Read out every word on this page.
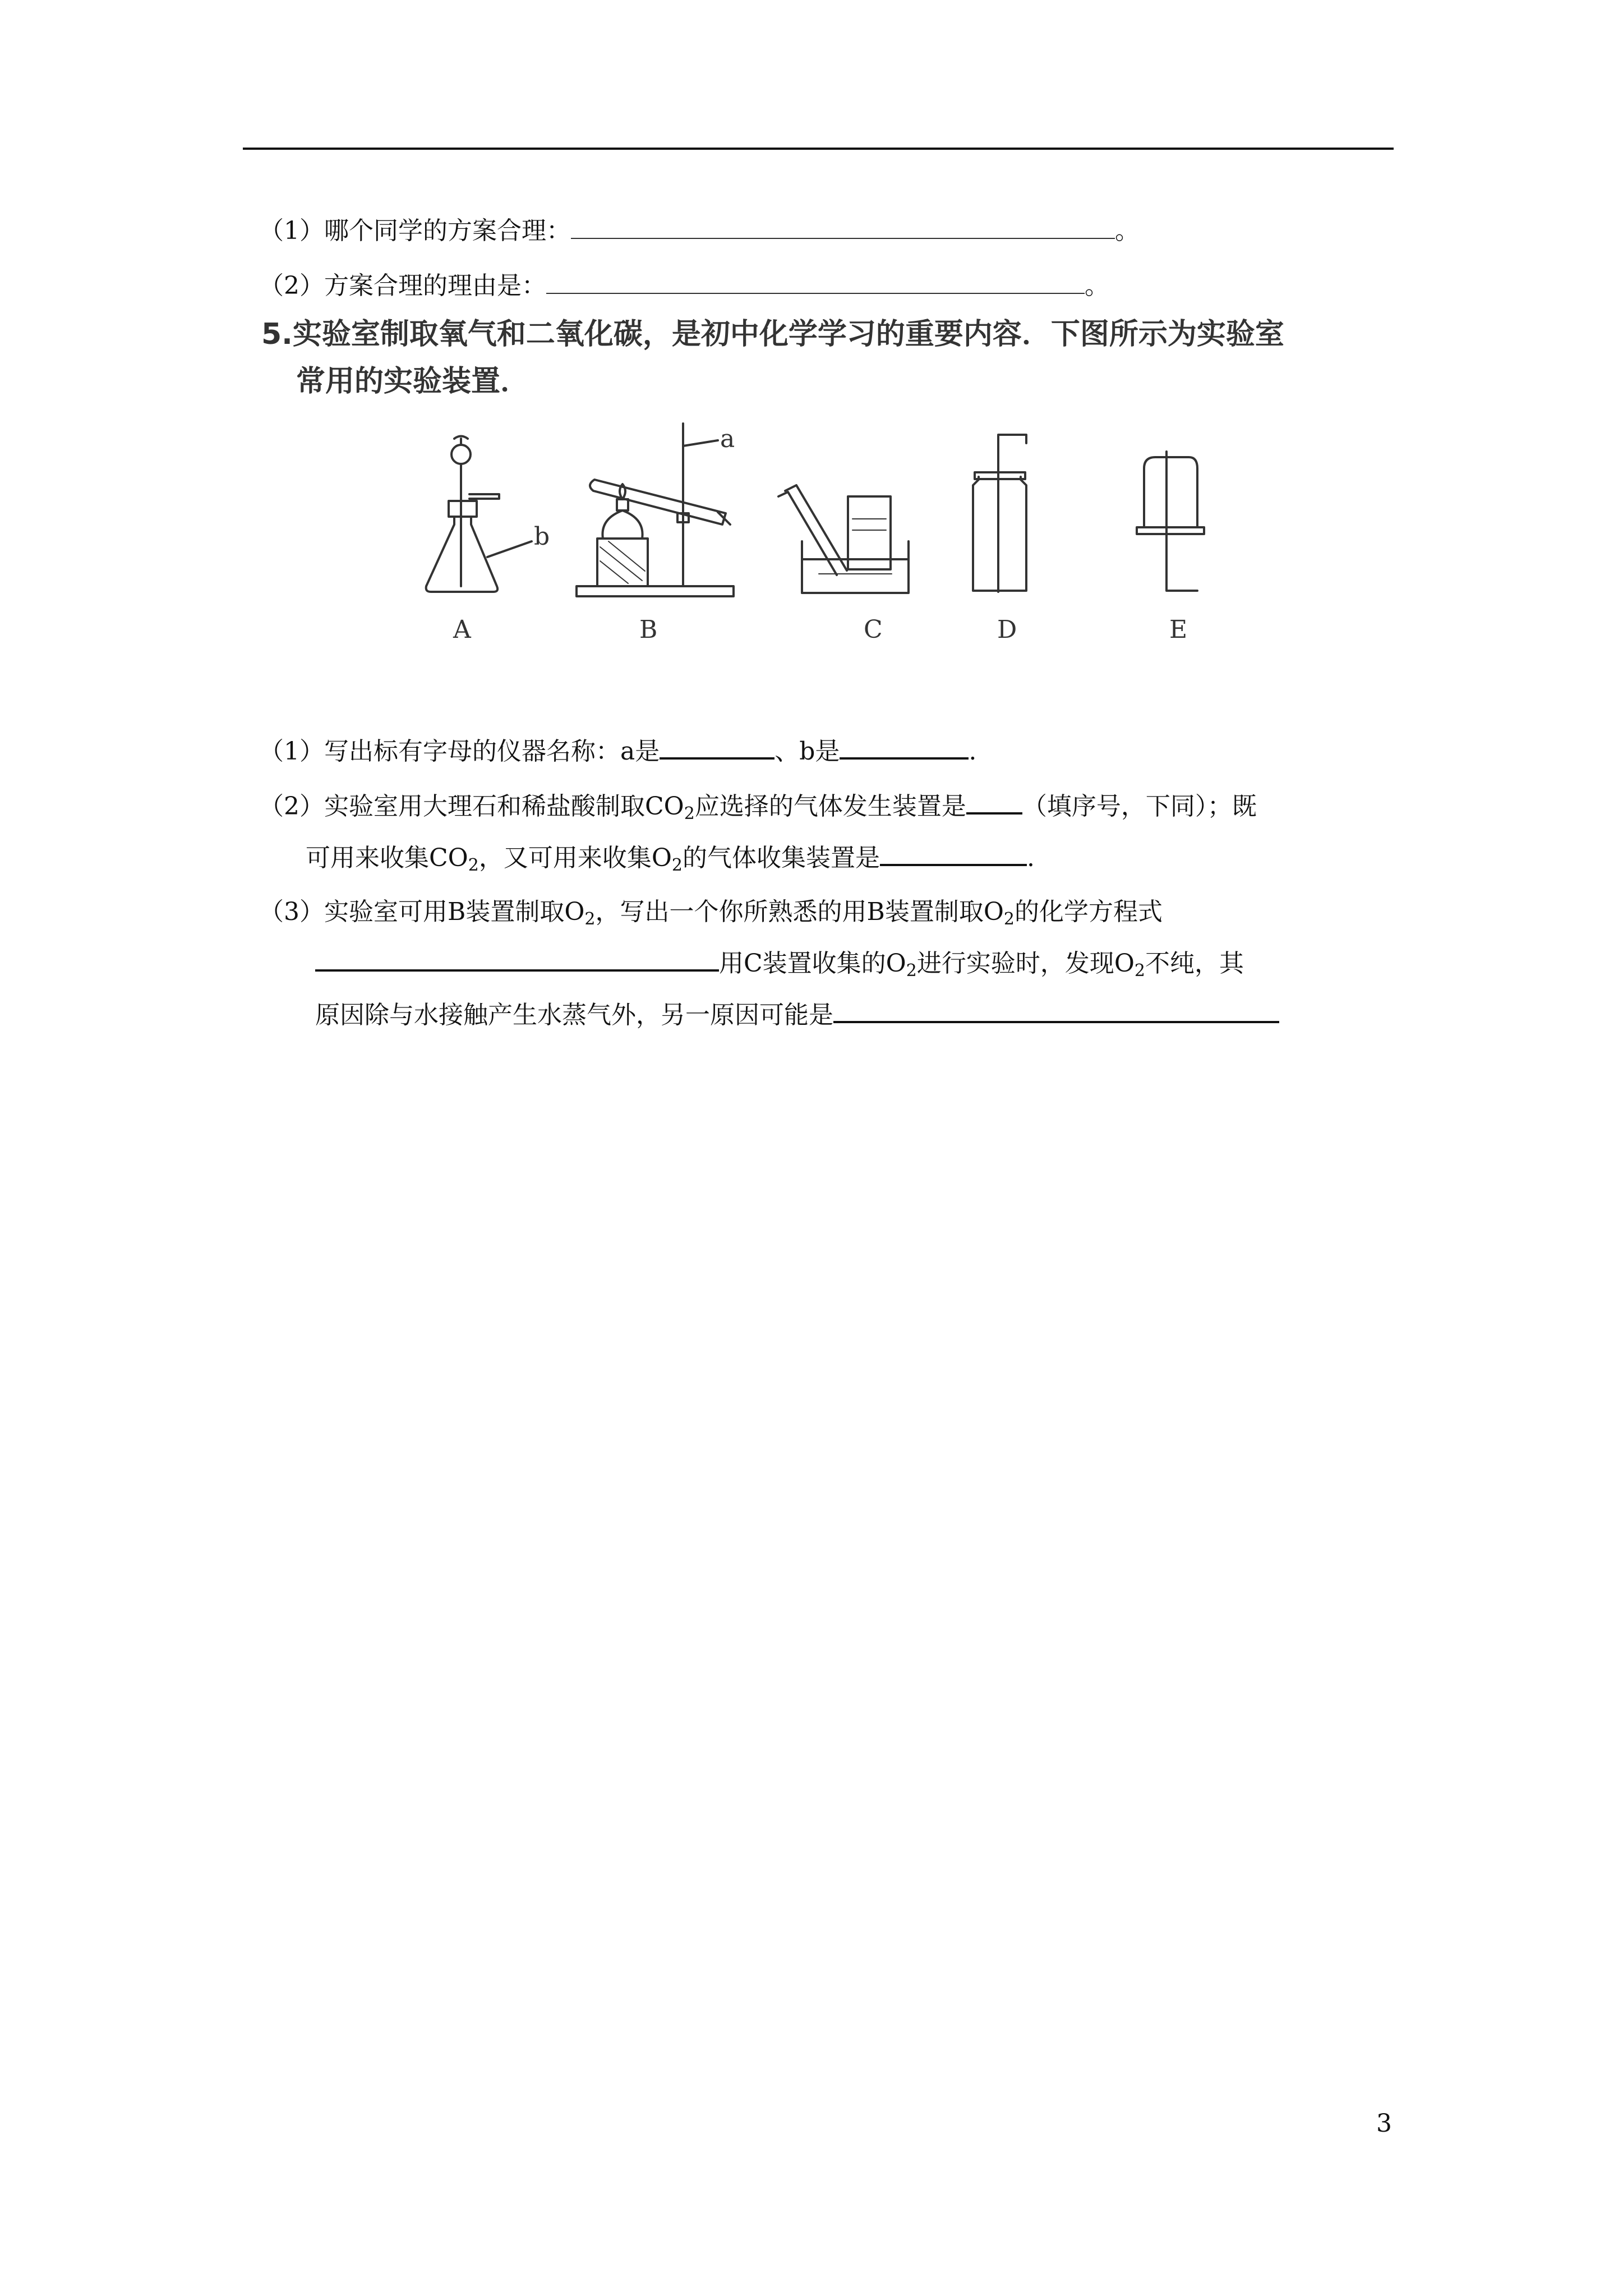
（1）哪个同学的方案合理：	。
（2）方案合理的理由是：	。
5.实验室制取氧气和二氧化碳，是初中化学学习的重要内容．下图所示为实验室
常用的实验装置．
a
b
A	B	C	D	E
（1）写出标有字母的仪器名称：a是	、b是	.
（2）实验室用大理石和稀盐酸制取$CO_2$应选择的气体发生装置是 （填序号，下同）；既
可用来收集$CO_2$，又可用来收集$O_2$的气体收集装置是	.
（3）实验室可用B装置制取$O_2$，写出一个你所熟悉的用B装置制取$O_2$的化学方程式
用C装置收集的$O_2$进行实验时，发现$O_2$不纯，其
原因除与水接触产生水蒸气外，另一原因可能是
3
